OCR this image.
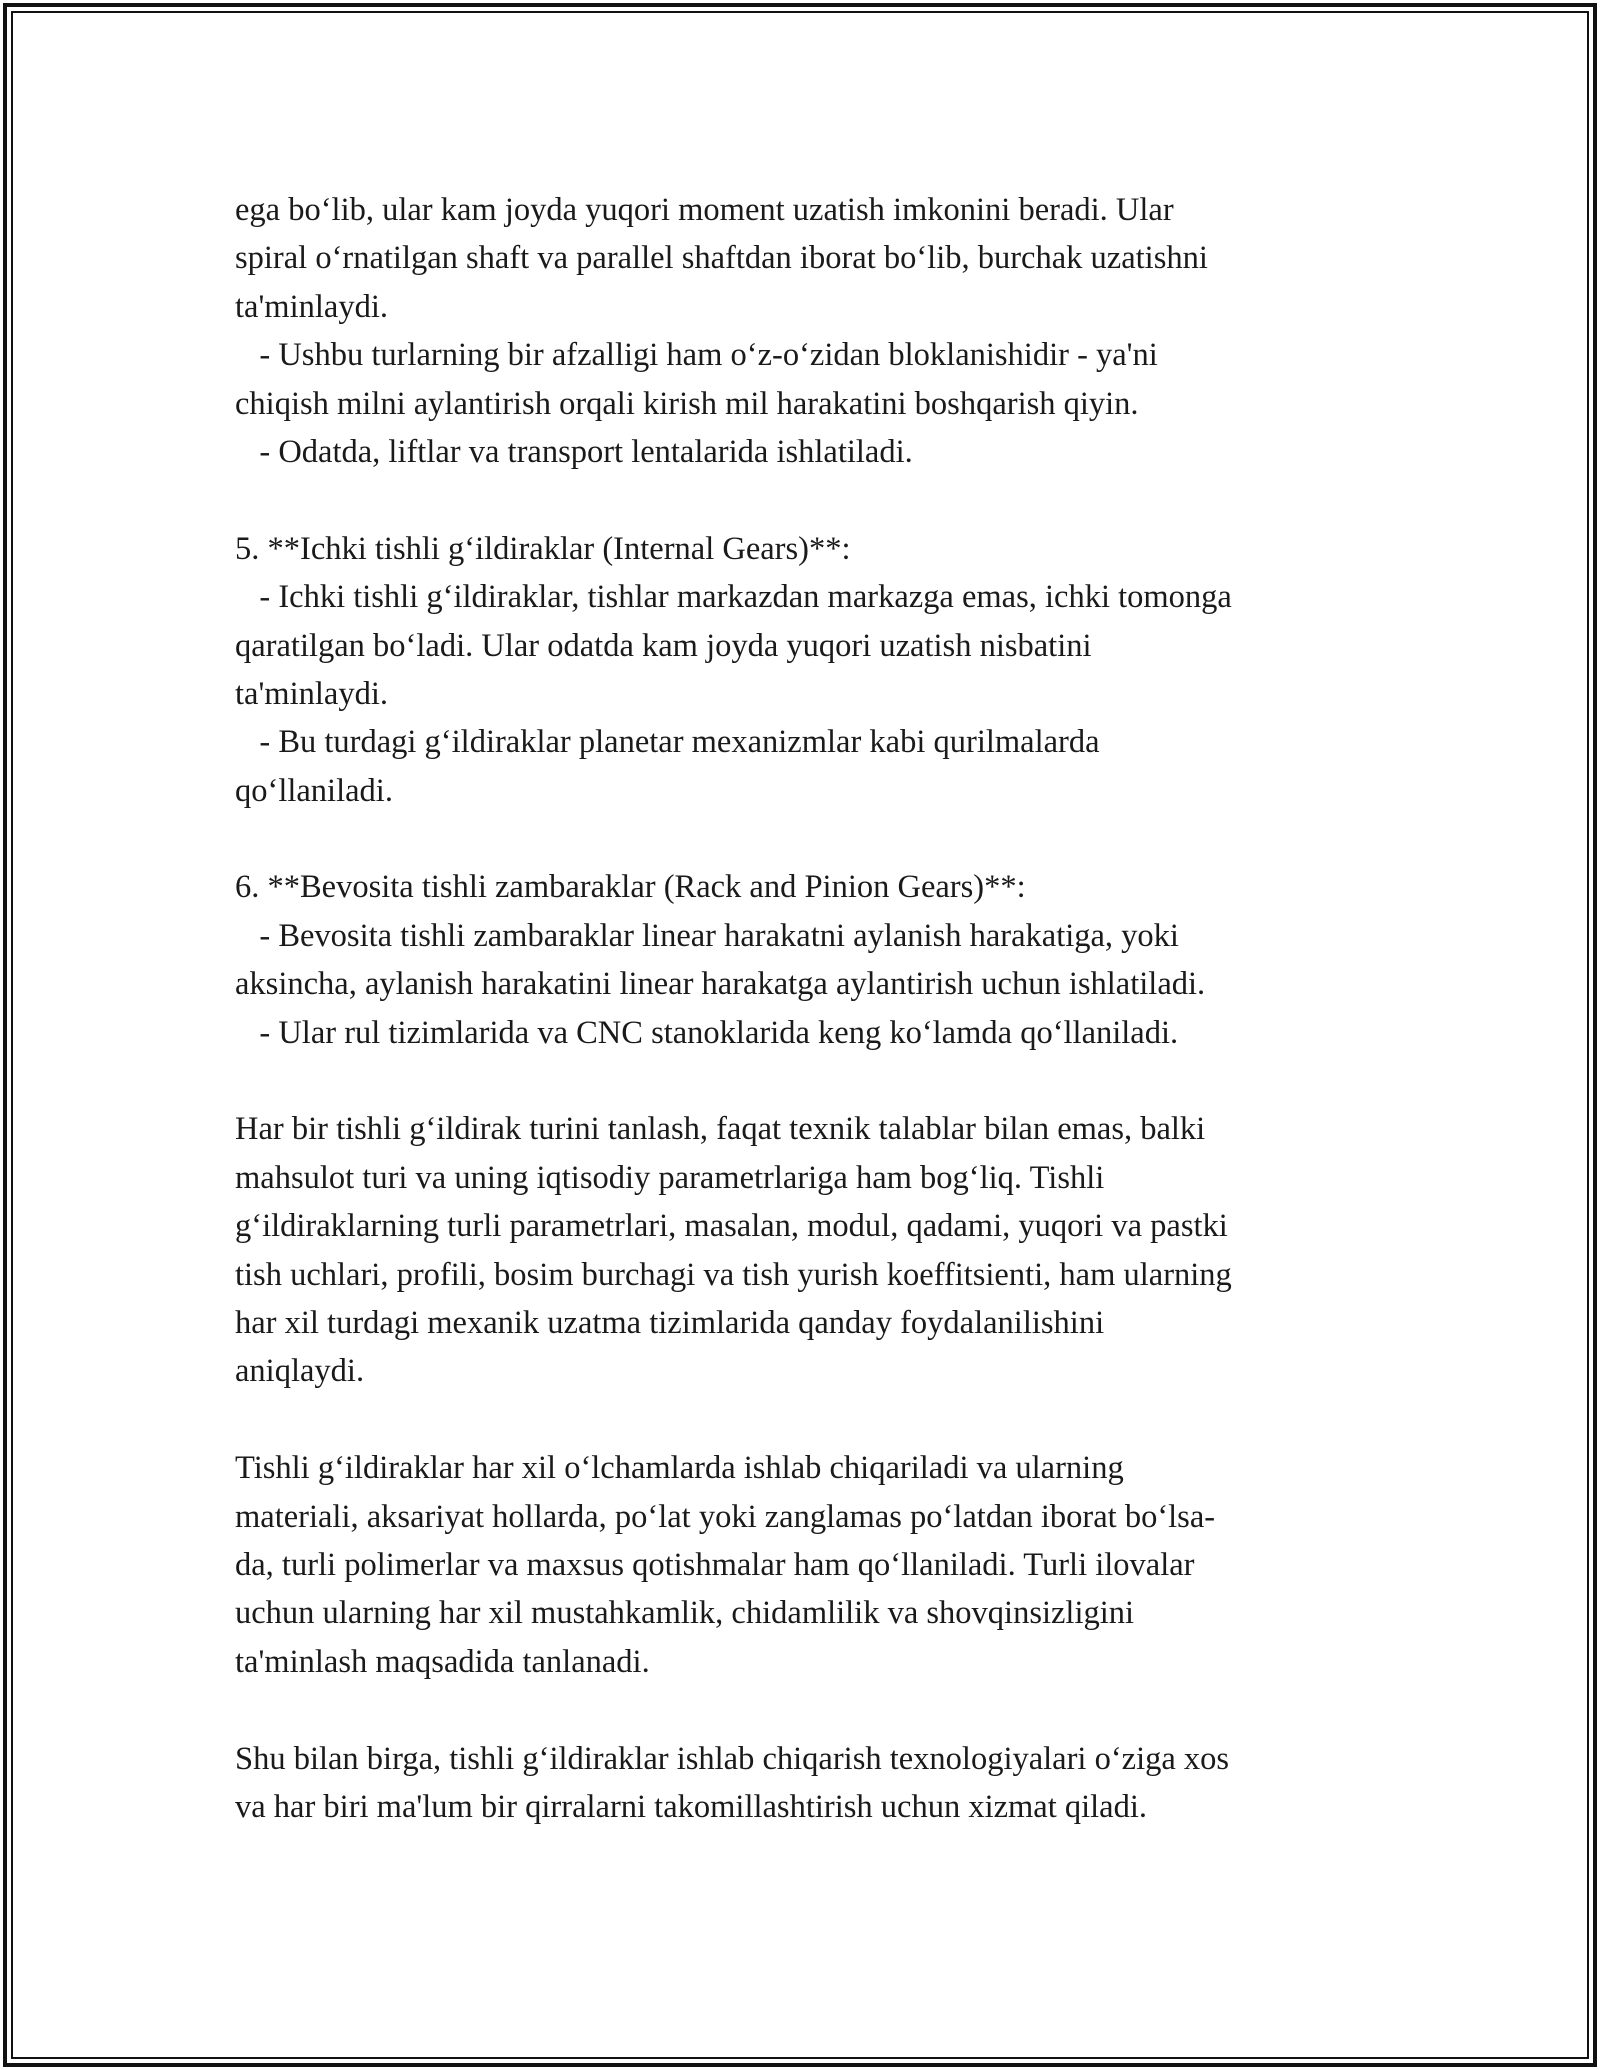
ega bo‘lib, ular kam joyda yuqori moment uzatish imkonini beradi. Ular
spiral o‘rnatilgan shaft va parallel shaftdan iborat bo‘lib, burchak uzatishni
ta'minlaydi.
- Ushbu turlarning bir afzalligi ham o‘z-o‘zidan bloklanishidir - ya'ni
chiqish milni aylantirish orqali kirish mil harakatini boshqarish qiyin.
- Odatda, liftlar va transport lentalarida ishlatiladi.
5. **Ichki tishli g‘ildiraklar (Internal Gears)**:
- Ichki tishli g‘ildiraklar, tishlar markazdan markazga emas, ichki tomonga
qaratilgan bo‘ladi. Ular odatda kam joyda yuqori uzatish nisbatini
ta'minlaydi.
- Bu turdagi g‘ildiraklar planetar mexanizmlar kabi qurilmalarda
qo‘llaniladi.
6. **Bevosita tishli zambaraklar (Rack and Pinion Gears)**:
- Bevosita tishli zambaraklar linear harakatni aylanish harakatiga, yoki
aksincha, aylanish harakatini linear harakatga aylantirish uchun ishlatiladi.
- Ular rul tizimlarida va CNC stanoklarida keng ko‘lamda qo‘llaniladi.
Har bir tishli g‘ildirak turini tanlash, faqat texnik talablar bilan emas, balki
mahsulot turi va uning iqtisodiy parametrlariga ham bog‘liq. Tishli
g‘ildiraklarning turli parametrlari, masalan, modul, qadami, yuqori va pastki
tish uchlari, profili, bosim burchagi va tish yurish koeffitsienti, ham ularning
har xil turdagi mexanik uzatma tizimlarida qanday foydalanilishini
aniqlaydi.
Tishli g‘ildiraklar har xil o‘lchamlarda ishlab chiqariladi va ularning
materiali, aksariyat hollarda, po‘lat yoki zanglamas po‘latdan iborat bo‘lsa-
da, turli polimerlar va maxsus qotishmalar ham qo‘llaniladi. Turli ilovalar
uchun ularning har xil mustahkamlik, chidamlilik va shovqinsizligini
ta'minlash maqsadida tanlanadi.
Shu bilan birga, tishli g‘ildiraklar ishlab chiqarish texnologiyalari o‘ziga xos
va har biri ma'lum bir qirralarni takomillashtirish uchun xizmat qiladi.
